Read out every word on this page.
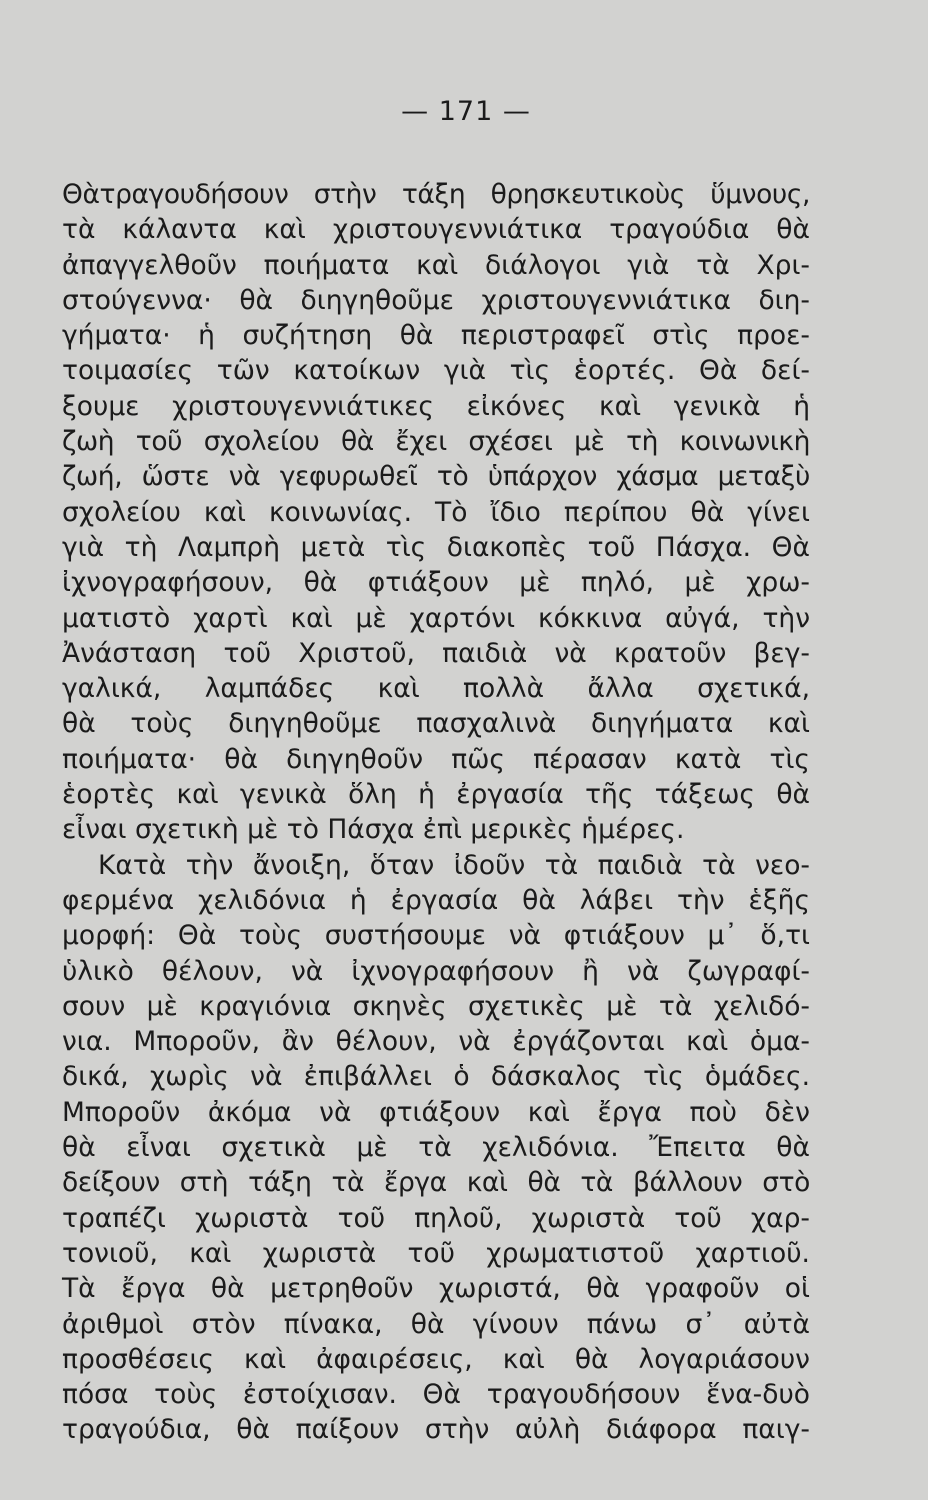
— 171 —
Θὰτραγουδήσουν στὴν τάξη θρησκευτικοὺς ὕμνους,
τὰ κάλαντα καὶ χριστουγεννιάτικα τραγούδια θὰ
ἀπαγγελθοῦν ποιήματα καὶ διάλογοι γιὰ τὰ Χρι-
στούγεννα· θὰ διηγηθοῦμε χριστουγεννιάτικα διη-
γήματα· ἡ συζήτηση θὰ περιστραφεῖ στὶς προε-
τοιμασίες τῶν κατοίκων γιὰ τὶς ἑορτές. Θὰ δεί-
ξουμε χριστουγεννιάτικες εἰκόνες καὶ γενικὰ ἡ
ζωὴ τοῦ σχολείου θὰ ἔχει σχέσει μὲ τὴ κοινωνικὴ
ζωή, ὥστε νὰ γεφυρωθεῖ τὸ ὑπάρχον χάσμα μεταξὺ
σχολείου καὶ κοινωνίας. Τὸ ἴδιο περίπου θὰ γίνει
γιὰ τὴ Λαμπρὴ μετὰ τὶς διακοπὲς τοῦ Πάσχα. Θὰ
ἰχνογραφήσουν, θὰ φτιάξουν μὲ πηλό, μὲ χρω-
ματιστὸ χαρτὶ καὶ μὲ χαρτόνι κόκκινα αὐγά, τὴν
Ἀνάσταση τοῦ Χριστοῦ, παιδιὰ νὰ κρατοῦν βεγ-
γαλικά, λαμπάδες καὶ πολλὰ ἄλλα σχετικά,
θὰ τοὺς διηγηθοῦμε πασχαλινὰ διηγήματα καὶ
ποιήματα· θὰ διηγηθοῦν πῶς πέρασαν κατὰ τὶς
ἑορτὲς καὶ γενικὰ ὅλη ἡ ἐργασία τῆς τάξεως θὰ
εἶναι σχετικὴ μὲ τὸ Πάσχα ἐπὶ μερικὲς ἡμέρες.
Κατὰ τὴν ἄνοιξη, ὅταν ἰδοῦν τὰ παιδιὰ τὰ νεο-
φερμένα χελιδόνια ἡ ἐργασία θὰ λάβει τὴν ἑξῆς
μορφή: Θὰ τοὺς συστήσουμε νὰ φτιάξουν μ᾿ ὅ,τι
ὑλικὸ θέλουν, νὰ ἰχνογραφήσουν ἢ νὰ ζωγραφί-
σουν μὲ κραγιόνια σκηνὲς σχετικὲς μὲ τὰ χελιδό-
νια. Μποροῦν, ἂν θέλουν, νὰ ἐργάζονται καὶ ὁμα-
δικά, χωρὶς νὰ ἐπιβάλλει ὁ δάσκαλος τὶς ὁμάδες.
Μποροῦν ἀκόμα νὰ φτιάξουν καὶ ἔργα ποὺ δὲν
θὰ εἶναι σχετικὰ μὲ τὰ χελιδόνια. Ἔπειτα θὰ
δείξουν στὴ τάξη τὰ ἔργα καὶ θὰ τὰ βάλλουν στὸ
τραπέζι χωριστὰ τοῦ πηλοῦ, χωριστὰ τοῦ χαρ-
τονιοῦ, καὶ χωριστὰ τοῦ χρωματιστοῦ χαρτιοῦ.
Τὰ ἔργα θὰ μετρηθοῦν χωριστά, θὰ γραφοῦν οἱ
ἀριθμοὶ στὸν πίνακα, θὰ γίνουν πάνω σ᾿ αὐτὰ
προσθέσεις καὶ ἀφαιρέσεις, καὶ θὰ λογαριάσουν
πόσα τοὺς ἐστοίχισαν. Θὰ τραγουδήσουν ἕνα-δυὸ
τραγούδια, θὰ παίξουν στὴν αὐλὴ διάφορα παιγ-
